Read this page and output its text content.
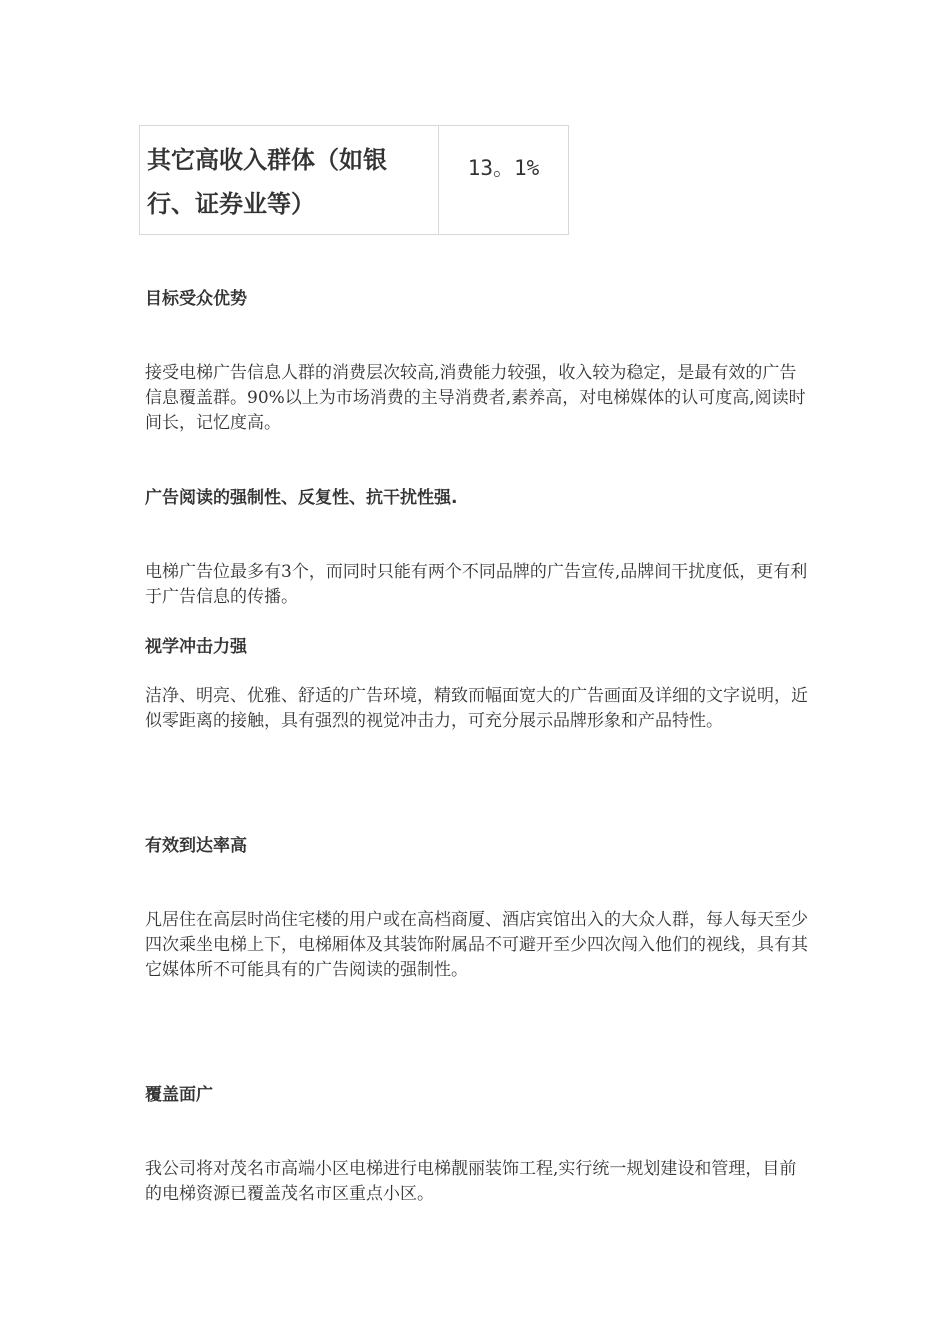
其它高收入群体（如银行、证券业等）
13。1%
目标受众优势

接受电梯广告信息人群的消费层次较高,消费能力较强，收入较为稳定，是最有效的广告信息覆盖群。90%以上为市场消费的主导消费者,素养高，对电梯媒体的认可度高,阅读时间长，记忆度高。

广告阅读的强制性、反复性、抗干扰性强.

电梯广告位最多有3个，而同时只能有两个不同品牌的广告宣传,品牌间干扰度低，更有利于广告信息的传播。

视学冲击力强

洁净、明亮、优雅、舒适的广告环境，精致而幅面宽大的广告画面及详细的文字说明，近似零距离的接触，具有强烈的视觉冲击力，可充分展示品牌形象和产品特性。

有效到达率高

凡居住在高层时尚住宅楼的用户或在高档商厦、酒店宾馆出入的大众人群，每人每天至少四次乘坐电梯上下，电梯厢体及其装饰附属品不可避开至少四次闯入他们的视线，具有其它媒体所不可能具有的广告阅读的强制性。

覆盖面广

我公司将对茂名市高端小区电梯进行电梯靓丽装饰工程,实行统一规划建设和管理，目前的电梯资源已覆盖茂名市区重点小区。
